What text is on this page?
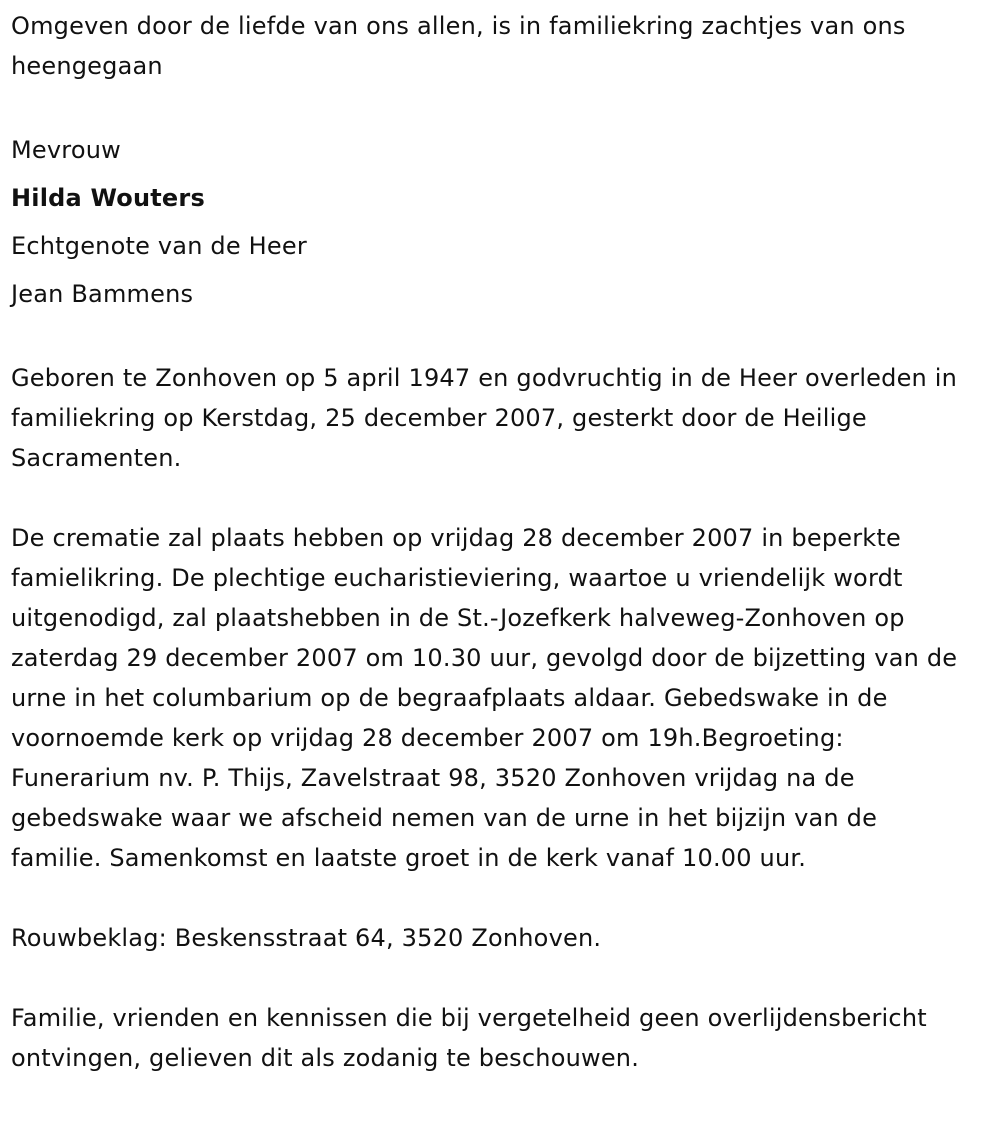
Omgeven door de liefde van ons allen, is in familiekring zachtjes van ons heengegaan

Mevrouw

Hilda Wouters

Echtgenote van de Heer

Jean Bammens

Geboren te Zonhoven op 5 april 1947 en godvruchtig in de Heer overleden in familiekring op Kerstdag, 25 december 2007, gesterkt door de Heilige Sacramenten.

De crematie zal plaats hebben op vrijdag 28 december 2007 in beperkte famielikring. De plechtige eucharistieviering, waartoe u vriendelijk wordt uitgenodigd, zal plaatshebben in de St.-Jozefkerk halveweg-Zonhoven op zaterdag 29 december 2007 om 10.30 uur, gevolgd door de bijzetting van de urne in het columbarium op de begraafplaats aldaar. Gebedswake in de voornoemde kerk op vrijdag 28 december 2007 om 19h.Begroeting: Funerarium nv. P. Thijs, Zavelstraat 98, 3520 Zonhoven vrijdag na de gebedswake waar we afscheid nemen van de urne in het bijzijn van de familie. Samenkomst en laatste groet in de kerk vanaf 10.00 uur.

Rouwbeklag: Beskensstraat 64, 3520 Zonhoven.

Familie, vrienden en kennissen die bij vergetelheid geen overlijdensbericht ontvingen, gelieven dit als zodanig te beschouwen.
